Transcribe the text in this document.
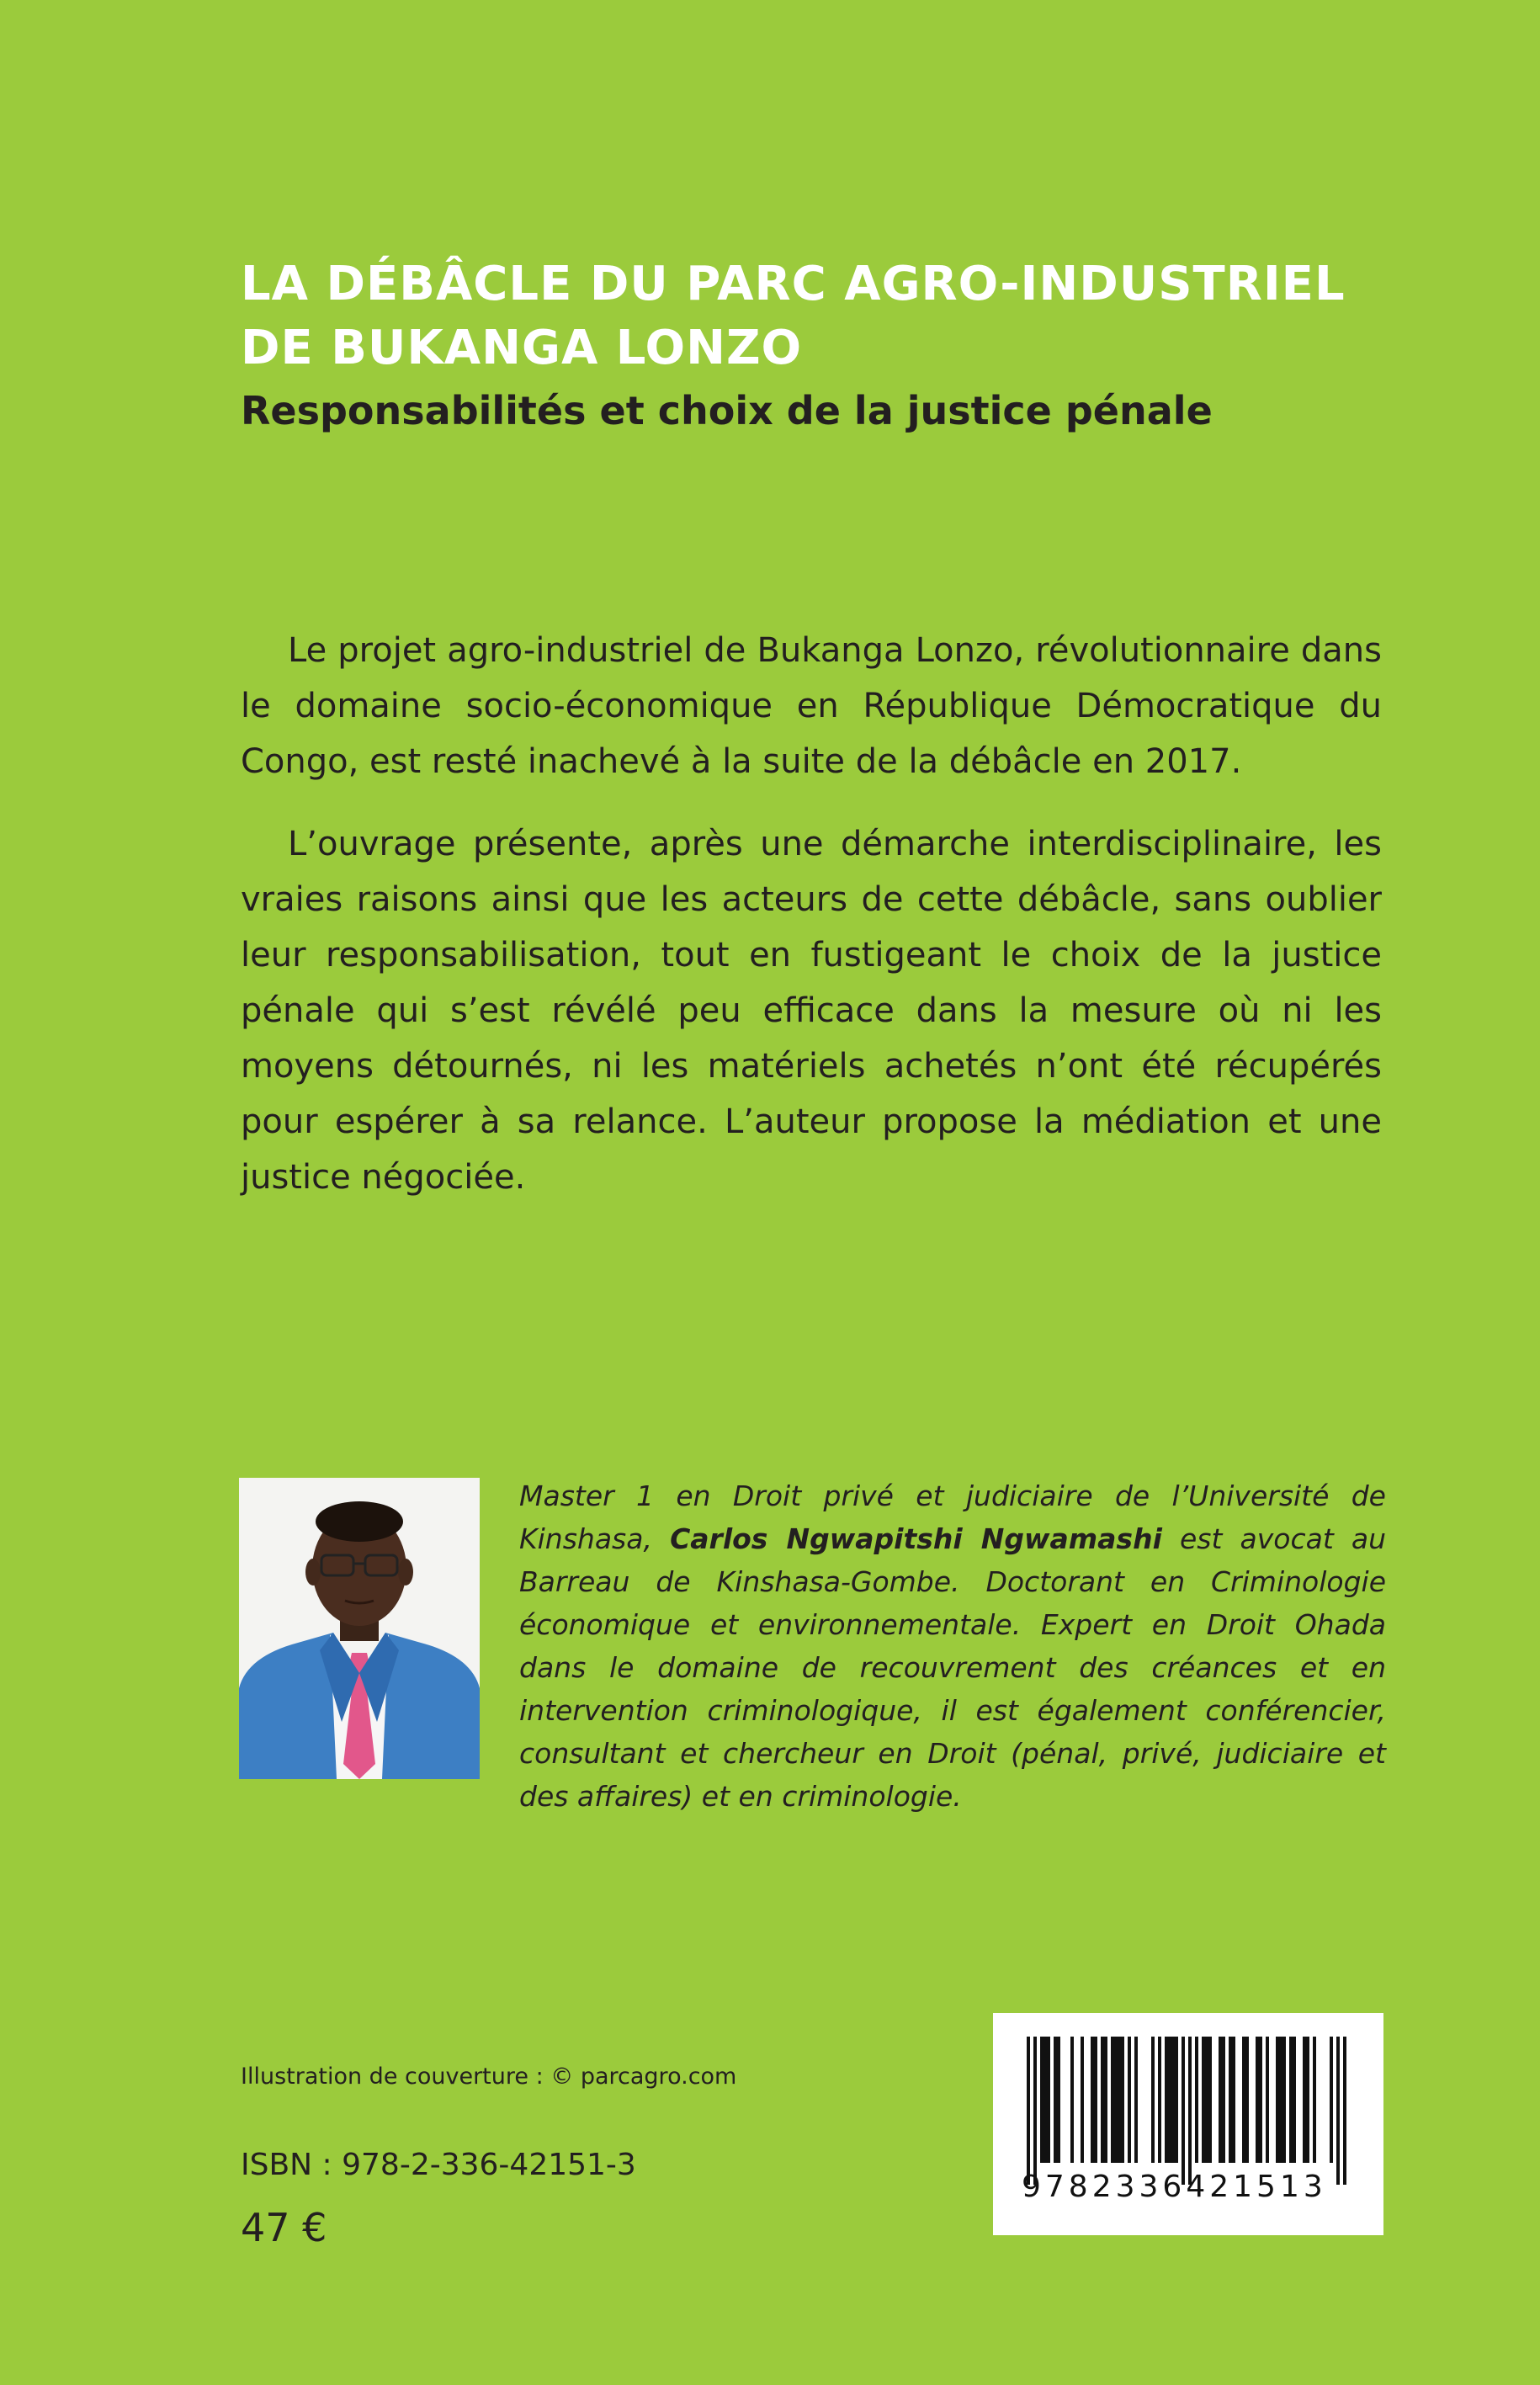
LA DÉBÂCLE DU PARC AGRO-INDUSTRIEL
DE BUKANGA LONZO
Responsabilités et choix de la justice pénale

Le projet agro-industriel de Bukanga Lonzo, révolutionnaire dans le domaine socio-économique en République Démocratique du Congo, est resté inachevé à la suite de la débâcle en 2017.

L’ouvrage présente, après une démarche interdisciplinaire, les vraies raisons ainsi que les acteurs de cette débâcle, sans oublier leur responsabilisation, tout en fustigeant le choix de la justice pénale qui s’est révélé peu efficace dans la mesure où ni les moyens détournés, ni les matériels achetés n’ont été récupérés pour espérer à sa relance. L’auteur propose la médiation et une justice négociée.

Master 1 en Droit privé et judiciaire de l’Université de Kinshasa, Carlos Ngwapitshi Ngwamashi est avocat au Barreau de Kinshasa-Gombe. Doctorant en Criminologie économique et environnementale. Expert en Droit Ohada dans le domaine de recouvrement des créances et en intervention criminologique, il est également conférencier, consultant et chercheur en Droit (pénal, privé, judiciaire et des affaires) et en criminologie.

Illustration de couverture : © parcagro.com
ISBN : 978-2-336-42151-3
47 €
9782336421513
